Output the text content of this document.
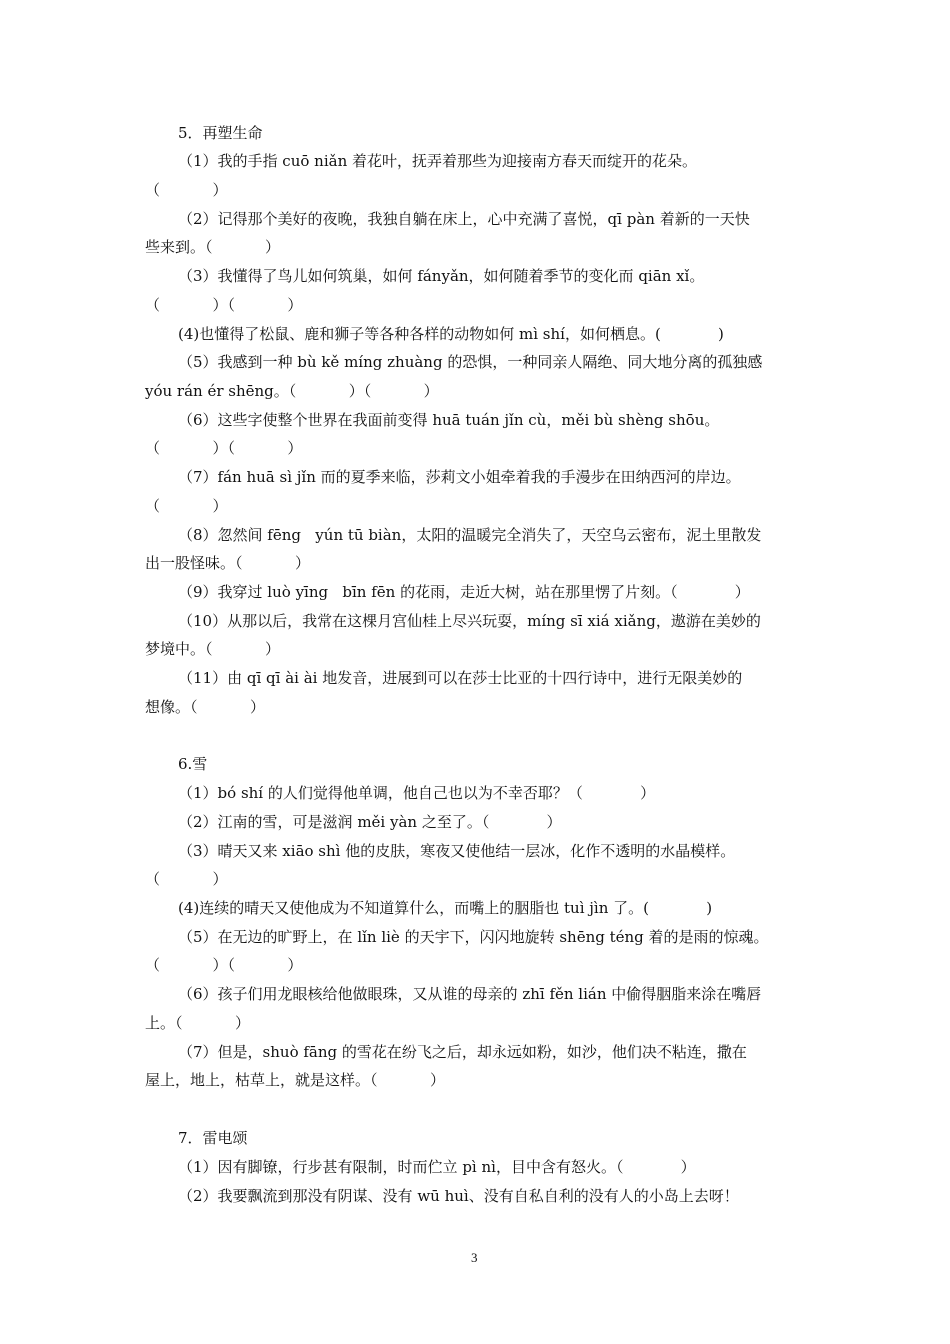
5．再塑生命
（1）我的手指 cuō niǎn 着花叶，抚弄着那些为迎接南方春天而绽开的花朵。
（           ）
（2）记得那个美好的夜晚，我独自躺在床上，心中充满了喜悦，qī pàn 着新的一天快
些来到。（           ）
（3）我懂得了鸟儿如何筑巢，如何 fányǎn，如何随着季节的变化而 qiān xǐ。
（           ）（           ）
(4)也懂得了松鼠、鹿和狮子等各种各样的动物如何 mì shí，如何栖息。(            )
（5）我感到一种 bù kě míng zhuàng 的恐惧，一种同亲人隔绝、同大地分离的孤独感
yóu rán ér shēng。（           ）（           ）
（6）这些字使整个世界在我面前变得 huā tuán jǐn cù，měi bù shèng shōu。
（           ）（           ）
（7）fán huā sì jǐn 而的夏季来临，莎莉文小姐牵着我的手漫步在田纳西河的岸边。
（           ）
（8）忽然间 fēng   yún tū biàn，太阳的温暖完全消失了，天空乌云密布，泥土里散发
出一股怪味。（           ）
（9）我穿过 luò yīng   bīn fēn 的花雨，走近大树，站在那里愣了片刻。（            ）
（10）从那以后，我常在这棵月宫仙桂上尽兴玩耍，míng sī xiá xiǎng，遨游在美妙的
梦境中。（           ）
（11）由 qī qī ài ài 地发音，进展到可以在莎士比亚的十四行诗中，进行无限美妙的
想像。（           ）
6.雪
（1）bó shí 的人们觉得他单调，他自己也以为不幸否耶？（            ）
（2）江南的雪，可是滋润 měi yàn 之至了。（            ）
（3）晴天又来 xiāo shì 他的皮肤，寒夜又使他结一层冰，化作不透明的水晶模样。
（           ）
(4)连续的晴天又使他成为不知道算什么，而嘴上的胭脂也 tuì jìn 了。(            )
（5）在无边的旷野上，在 lǐn liè 的天宇下，闪闪地旋转 shēng téng 着的是雨的惊魂。
（           ）（           ）
（6）孩子们用龙眼核给他做眼珠，又从谁的母亲的 zhī fěn lián 中偷得胭脂来涂在嘴唇
上。（           ）
（7）但是，shuò fāng 的雪花在纷飞之后，却永远如粉，如沙，他们决不粘连，撒在
屋上，地上，枯草上，就是这样。（           ）
7．雷电颂
（1）因有脚镣，行步甚有限制，时而伫立 pì nì，目中含有怒火。（            ）
（2）我要飘流到那没有阴谋、没有 wū huì、没有自私自利的没有人的小岛上去呀！
3
